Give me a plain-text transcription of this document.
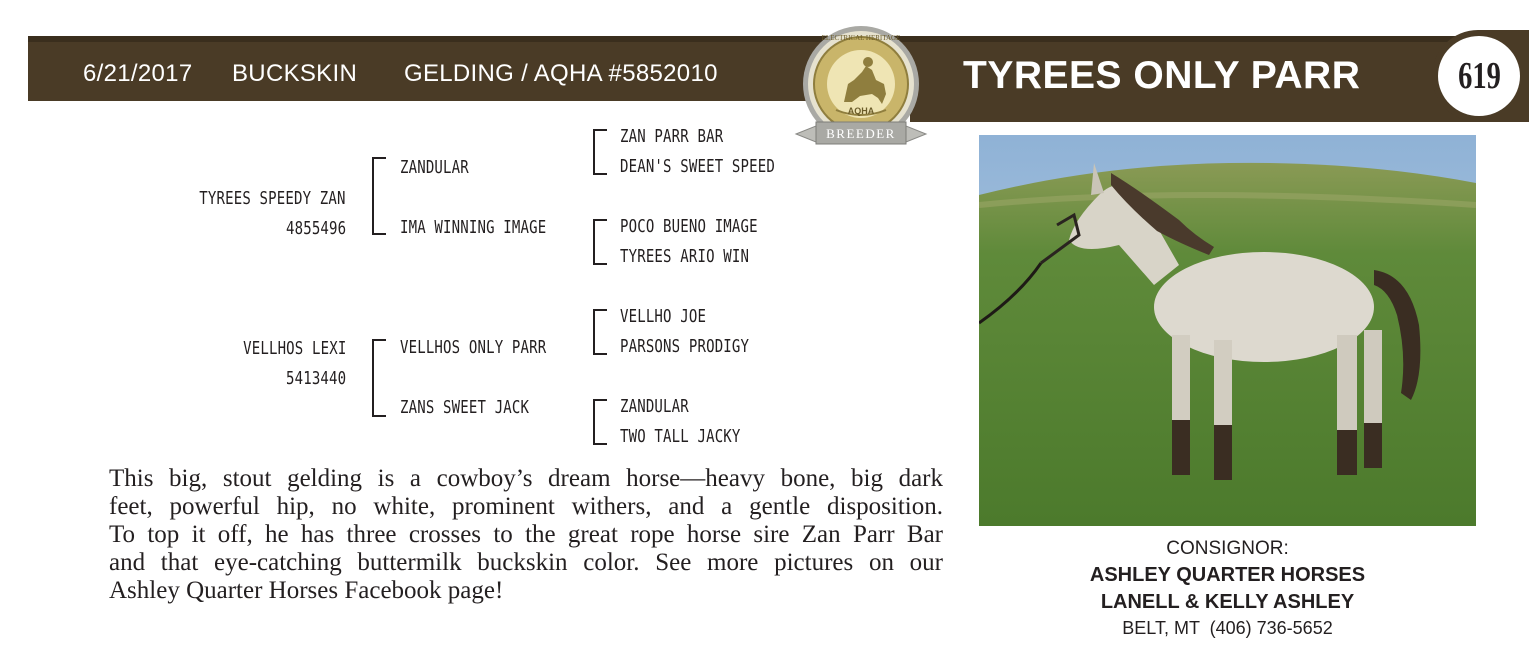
6/21/2017 BUCKSKIN GELDING / AQHA #5852010	TYREES ONLY PARR	619
AQHA
ELECTRICAL HERITAGE
BREEDER
TYREES SPEEDY ZAN
4855496
ZANDULAR
IMA WINNING IMAGE
ZAN PARR BAR
DEAN'S SWEET SPEED
POCO BUENO IMAGE
TYREES ARIO WIN
VELLHOS LEXI
5413440
VELLHOS ONLY PARR
ZANS SWEET JACK
VELLHO JOE
PARSONS PRODIGY
ZANDULAR
TWO TALL JACKY
This big, stout gelding is a cowboy’s dream horse—heavy bone, big dark
feet, powerful hip, no white, prominent withers, and a gentle disposition.
To top it off, he has three crosses to the great rope horse sire Zan Parr Bar
and that eye-catching buttermilk buckskin color. See more pictures on our
Ashley Quarter Horses Facebook page!
CONSIGNOR:
ASHLEY QUARTER HORSES
LANELL & KELLY ASHLEY
BELT, MT  (406) 736-5652
